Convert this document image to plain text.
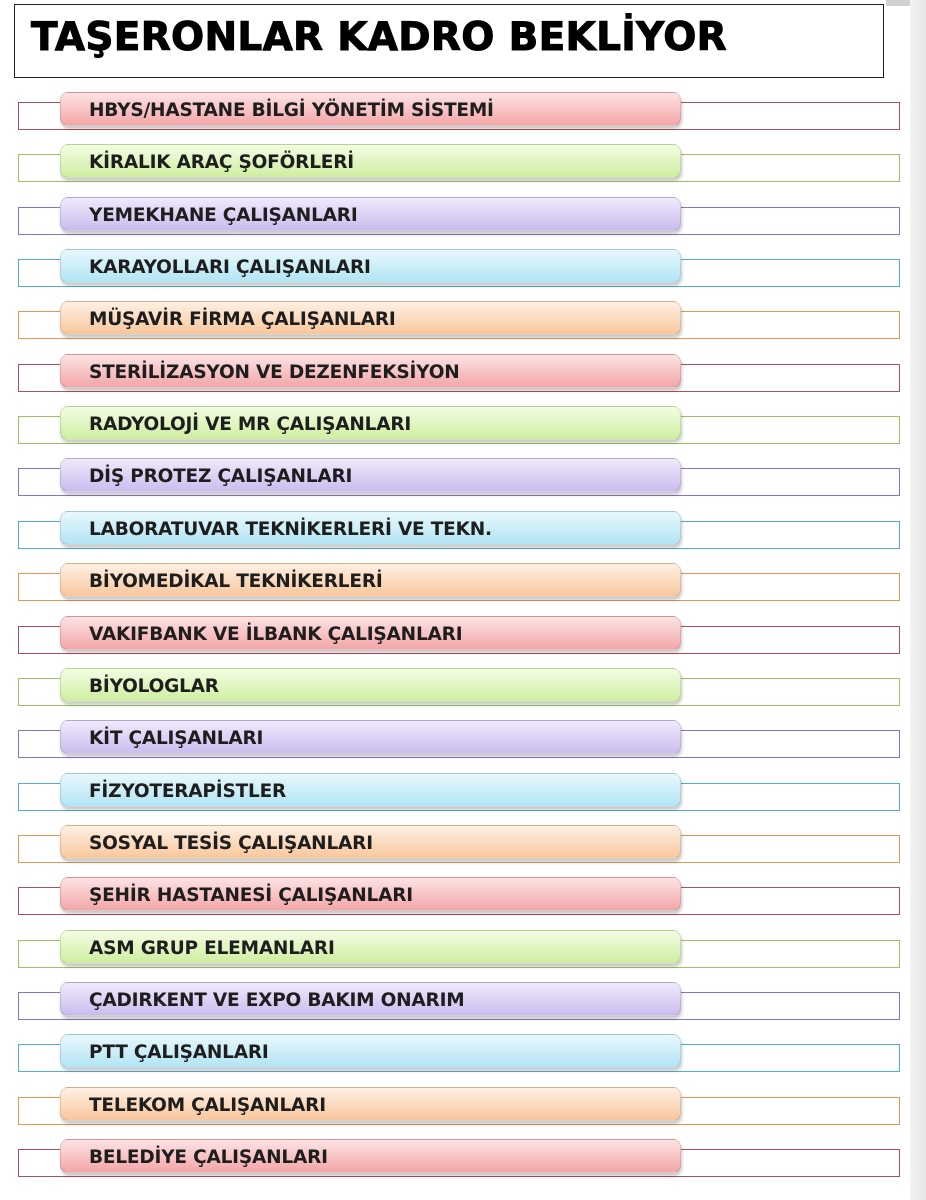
TAŞERONLAR KADRO BEKLİYOR
HBYS/HASTANE BİLGİ YÖNETİM SİSTEMİ
KİRALIK ARAÇ ŞOFÖRLERİ
YEMEKHANE ÇALIŞANLARI
KARAYOLLARI ÇALIŞANLARI
MÜŞAVİR FİRMA ÇALIŞANLARI
STERİLİZASYON VE DEZENFEKSİYON
RADYOLOJİ VE MR ÇALIŞANLARI
DİŞ PROTEZ ÇALIŞANLARI
LABORATUVAR TEKNİKERLERİ VE TEKN.
BİYOMEDİKAL TEKNİKERLERİ
VAKIFBANK VE İLBANK ÇALIŞANLARI
BİYOLOGLAR
KİT ÇALIŞANLARI
FİZYOTERAPİSTLER
SOSYAL TESİS ÇALIŞANLARI
ŞEHİR HASTANESİ ÇALIŞANLARI
ASM GRUP ELEMANLARI
ÇADIRKENT VE EXPO BAKIM ONARIM
PTT ÇALIŞANLARI
TELEKOM ÇALIŞANLARI
BELEDİYE ÇALIŞANLARI
